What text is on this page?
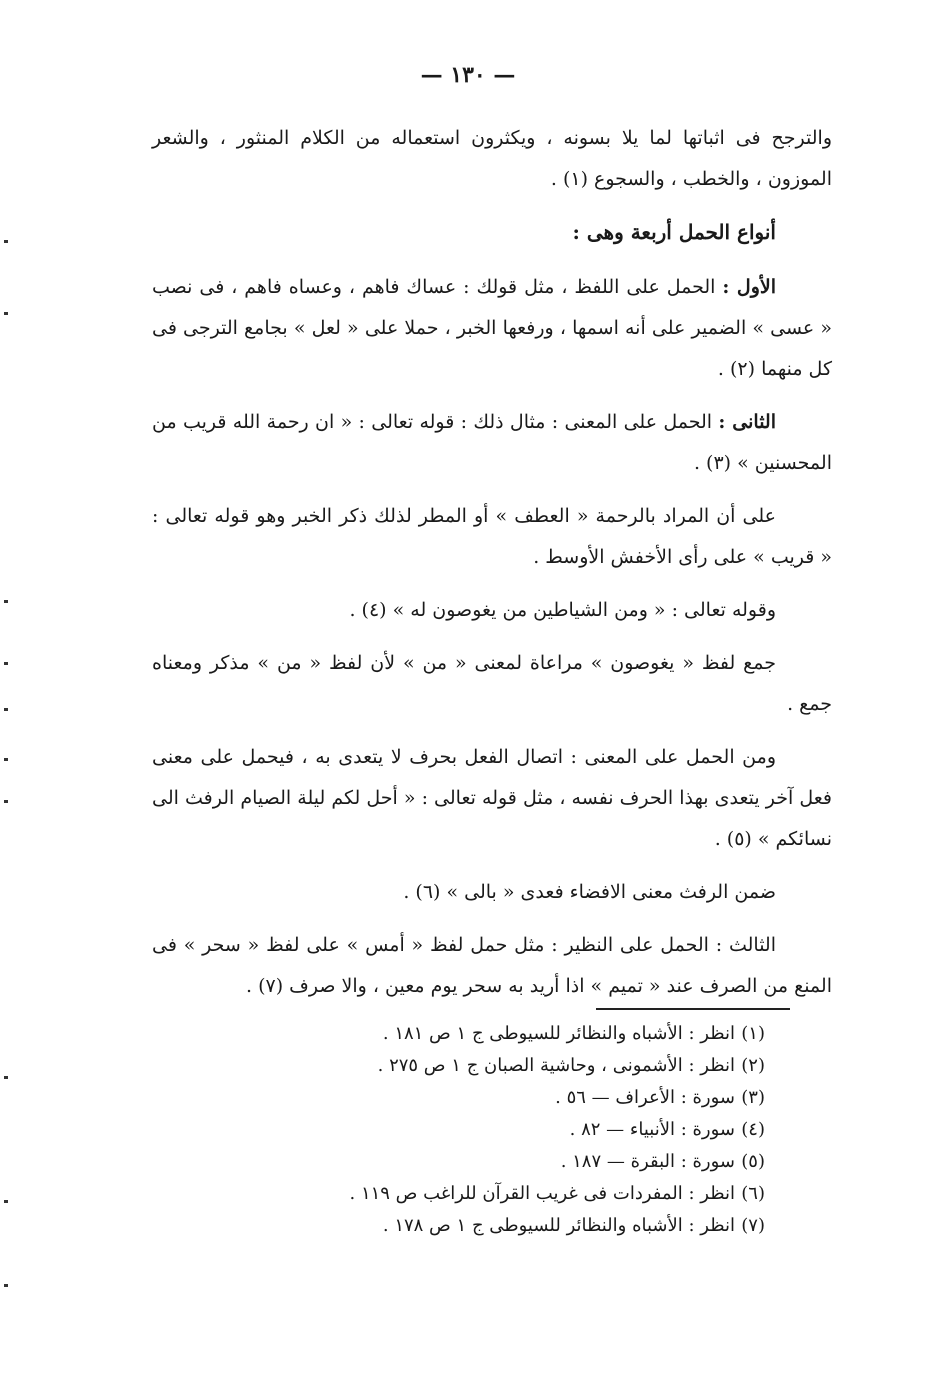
— ١٣٠ —

والترجح فى اثباتها لما يلا بسونه ، ويكثرون استعماله من الكلام المنثور ، والشعر الموزون ، والخطب ، والسجوع (١) .

أنواع الحمل أربعة وهى :

الأول : الحمل على اللفظ ، مثل قولك : عساك فاهم ، وعساه فاهم ، فى نصب « عسى » الضمير على أنه اسمها ، ورفعها الخبر ، حملا على « لعل » بجامع الترجى فى كل منهما (٢) .

الثانى : الحمل على المعنى : مثال ذلك : قوله تعالى : « ان رحمة الله قريب من المحسنين » (٣) .

على أن المراد بالرحمة « العطف » أو المطر لذلك ذكر الخبر وهو قوله تعالى : « قريب » على رأى الأخفش الأوسط .

وقوله تعالى : « ومن الشياطين من يغوصون له » (٤) .

جمع لفظ « يغوصون » مراعاة لمعنى « من » لأن لفظ « من » مذكر ومعناه جمع .

ومن الحمل على المعنى : اتصال الفعل بحرف لا يتعدى به ، فيحمل على معنى فعل آخر يتعدى بهذا الحرف نفسه ، مثل قوله تعالى : « أحل لكم ليلة الصيام الرفث الى نسائكم » (٥) .

ضمن الرفث معنى الافضاء فعدى « بالى » (٦) .

الثالث : الحمل على النظير : مثل حمل لفظ « أمس » على لفظ « سحر » فى المنع من الصرف عند « تميم » اذا أريد به سحر يوم معين ، والا صرف (٧) .

(١)
انظر : الأشباه والنظائر للسيوطى ج ١ ص ١٨١ .
(٢)
انظر : الأشمونى ، وحاشية الصبان ج ١ ص ٢٧٥ .
(٣)
سورة : الأعراف — ٥٦ .
(٤)
سورة : الأنبياء — ٨٢ .
(٥)
سورة : البقرة — ١٨٧ .
(٦)
انظر : المفردات فى غريب القرآن للراغب ص ١١٩ .
(٧)
انظر : الأشباه والنظائر للسيوطى ج ١ ص ١٧٨ .
